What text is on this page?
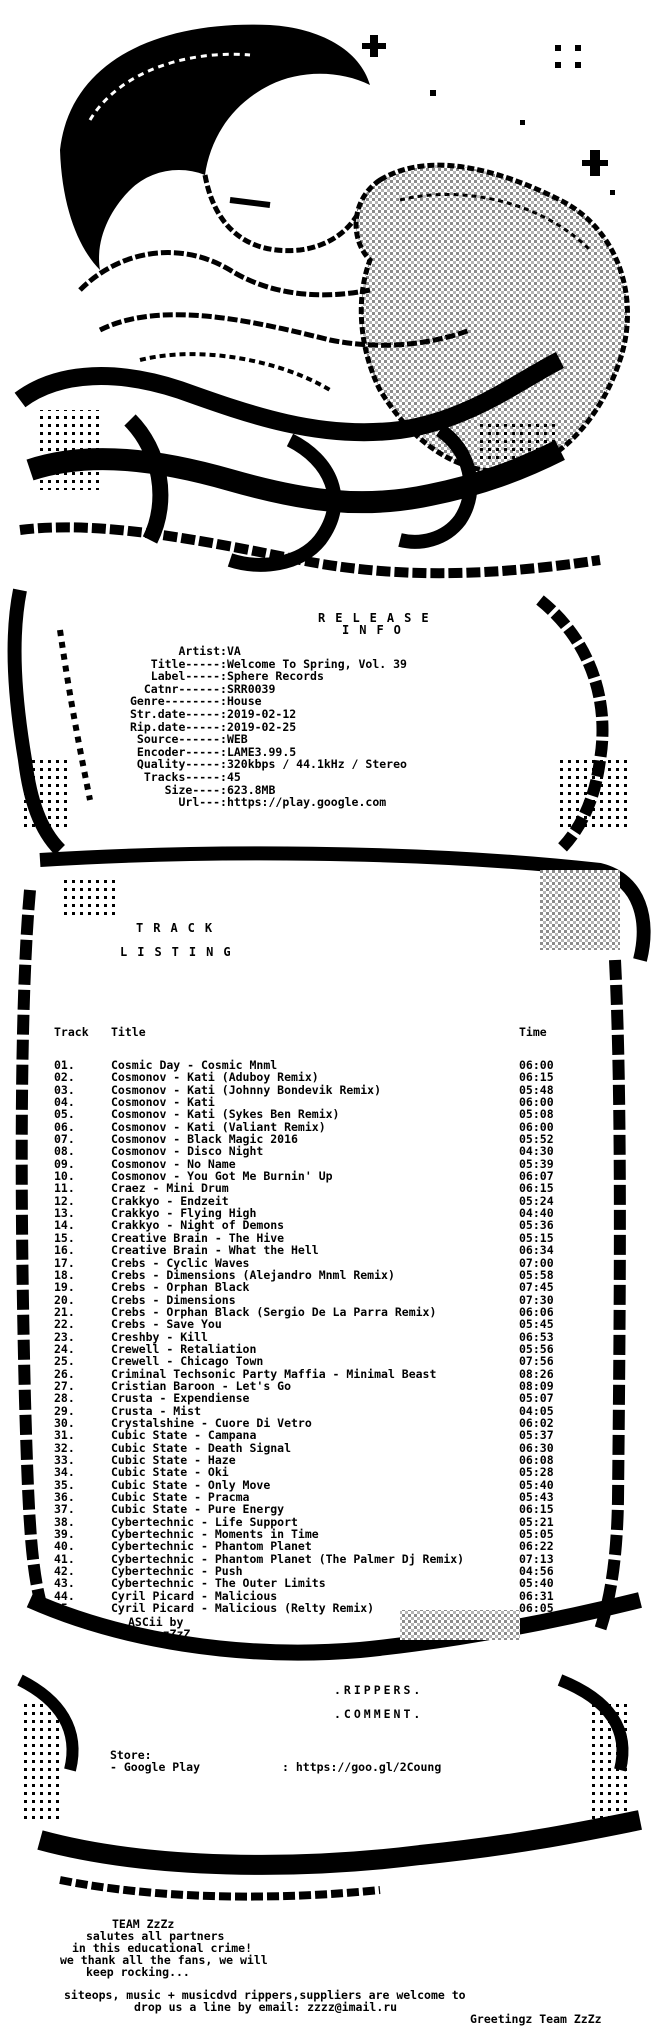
RELEASE
INFO
Artist:	VA
Title-----:	Welcome To Spring, Vol. 39
Label-----:	Sphere Records
Catnr------:	SRR0039
Genre--------:	House
Str.date-----:	2019-02-12
Rip.date-----:	2019-02-25
Source------:	WEB
Encoder-----:	LAME3.99.5
Quality-----:	320kbps / 44.1kHz / Stereo
Tracks-----:	45
Size----:	623.8MB
Url---:	https://play.google.com
TRACK
LISTING
Track	Title	Time
01.	Cosmic Day - Cosmic Mnml	06:00
02.	Cosmonov - Kati (Aduboy Remix)	06:15
03.	Cosmonov - Kati (Johnny Bondevik Remix)	05:48
04.	Cosmonov - Kati	06:00
05.	Cosmonov - Kati (Sykes Ben Remix)	05:08
06.	Cosmonov - Kati (Valiant Remix)	06:00
07.	Cosmonov - Black Magic 2016	05:52
08.	Cosmonov - Disco Night	04:30
09.	Cosmonov - No Name	05:39
10.	Cosmonov - You Got Me Burnin' Up	06:07
11.	Craez - Mini Drum	06:15
12.	Crakkyo - Endzeit	05:24
13.	Crakkyo - Flying High	04:40
14.	Crakkyo - Night of Demons	05:36
15.	Creative Brain - The Hive	05:15
16.	Creative Brain - What the Hell	06:34
17.	Crebs - Cyclic Waves	07:00
18.	Crebs - Dimensions (Alejandro Mnml Remix)	05:58
19.	Crebs - Orphan Black	07:45
20.	Crebs - Dimensions	07:30
21.	Crebs - Orphan Black (Sergio De La Parra Remix)	06:06
22.	Crebs - Save You	05:45
23.	Creshby - Kill	06:53
24.	Crewell - Retaliation	05:56
25.	Crewell - Chicago Town	07:56
26.	Criminal Techsonic Party Maffia - Minimal Beast	08:26
27.	Cristian Baroon - Let's Go	08:09
28.	Crusta - Expendiense	05:07
29.	Crusta - Mist	04:05
30.	Crystalshine - Cuore Di Vetro	06:02
31.	Cubic State - Campana	05:37
32.	Cubic State - Death Signal	06:30
33.	Cubic State - Haze	06:08
34.	Cubic State - Oki	05:28
35.	Cubic State - Only Move	05:40
36.	Cubic State - Pracma	05:43
37.	Cubic State - Pure Energy	06:15
38.	Cybertechnic - Life Support	05:21
39.	Cybertechnic - Moments in Time	05:05
40.	Cybertechnic - Phantom Planet	06:22
41.	Cybertechnic - Phantom Planet (The Palmer Dj Remix)	07:13
42.	Cybertechnic - Push	04:56
43.	Cybertechnic - The Outer Limits	05:40
44.	Cyril Picard - Malicious	06:31
45.	Cyril Picard - Malicious (Relty Remix)	06:05
ASCii by
gonz_zZzZ
.RIPPERS.
.COMMENT.
Store:
- Google Play	: https://goo.gl/2Coung
TEAM ZzZz
salutes all partners
in this educational crime!
we thank all the fans, we will
keep rocking...
siteops, music + musicdvd rippers,suppliers are welcome to
drop us a line by email: zzzz@imail.ru
Greetingz Team ZzZz
